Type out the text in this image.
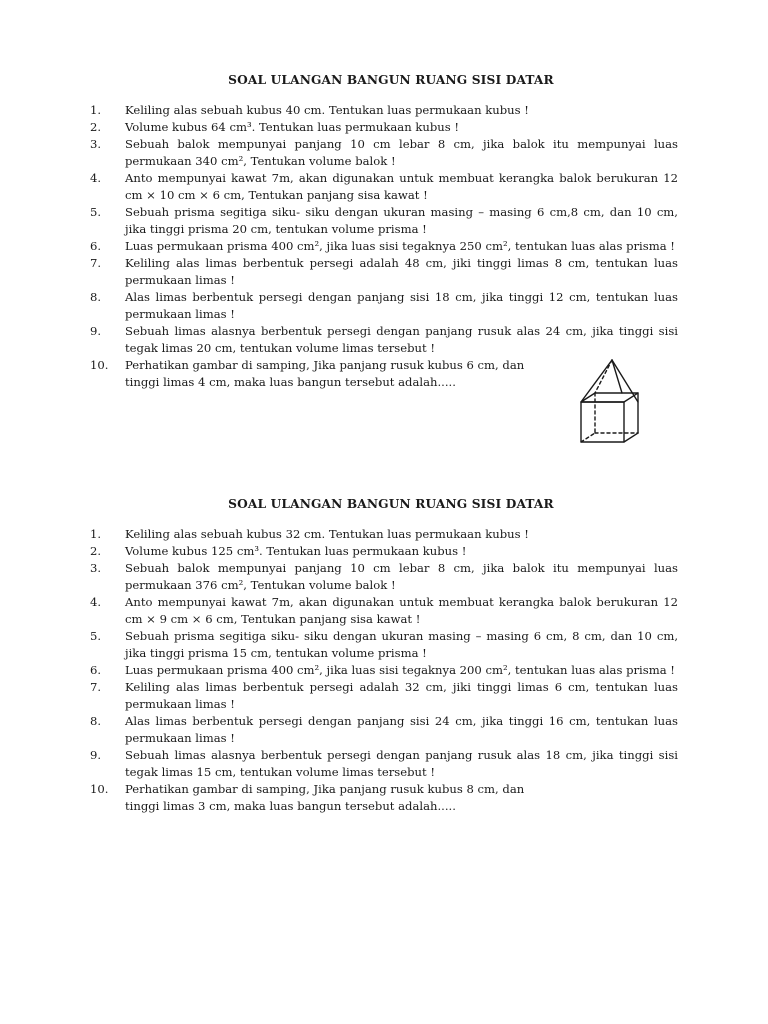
SOAL ULANGAN BANGUN RUANG SISI DATAR
1. Keliling alas sebuah kubus 40 cm. Tentukan luas permukaan kubus !
2. Volume kubus 64 cm³. Tentukan luas permukaan kubus !
3. Sebuah balok mempunyai panjang 10 cm lebar 8 cm, jika balok itu mempunyai luas permukaan 340 cm², Tentukan volume balok !
4. Anto mempunyai kawat 7m, akan digunakan untuk membuat kerangka balok berukuran 12 cm × 10 cm × 6 cm, Tentukan panjang sisa kawat !
5. Sebuah prisma segitiga siku- siku dengan ukuran masing – masing 6 cm,8 cm, dan 10 cm, jika tinggi prisma 20 cm, tentukan volume prisma !
6. Luas permukaan prisma 400 cm², jika luas sisi tegaknya 250 cm², tentukan luas alas prisma !
7. Keliling alas limas berbentuk persegi adalah 48 cm, jiki tinggi limas 8 cm, tentukan luas permukaan limas !
8. Alas limas berbentuk persegi dengan panjang sisi 18 cm, jika tinggi 12 cm, tentukan luas permukaan limas !
9. Sebuah limas alasnya berbentuk persegi dengan panjang rusuk alas 24 cm, jika tinggi sisi tegak limas 20 cm, tentukan volume limas tersebut !
10. Perhatikan gambar di samping, Jika panjang rusuk kubus 6 cm, dan tinggi limas 4 cm, maka luas bangun tersebut adalah.....
SOAL ULANGAN BANGUN RUANG SISI DATAR
1. Keliling alas sebuah kubus 32 cm. Tentukan luas permukaan kubus !
2. Volume kubus 125 cm³. Tentukan luas permukaan kubus !
3. Sebuah balok mempunyai panjang 10 cm lebar 8 cm, jika balok itu mempunyai luas permukaan 376 cm², Tentukan volume balok !
4. Anto mempunyai kawat 7m, akan digunakan untuk membuat kerangka balok berukuran 12 cm × 9 cm × 6 cm, Tentukan panjang sisa kawat !
5. Sebuah prisma segitiga siku- siku dengan ukuran masing – masing 6 cm, 8 cm, dan 10 cm, jika tinggi prisma 15 cm, tentukan volume prisma !
6. Luas permukaan prisma 400 cm², jika luas sisi tegaknya 200 cm², tentukan luas alas prisma !
7. Keliling alas limas berbentuk persegi adalah 32 cm, jiki tinggi limas 6 cm, tentukan luas permukaan limas !
8. Alas limas berbentuk persegi dengan panjang sisi 24 cm, jika tinggi 16 cm, tentukan luas permukaan limas !
9. Sebuah limas alasnya berbentuk persegi dengan panjang rusuk alas 18 cm, jika tinggi sisi tegak limas 15 cm, tentukan volume limas tersebut !
10. Perhatikan gambar di samping, Jika panjang rusuk kubus 8 cm, dan tinggi limas 3 cm, maka luas bangun tersebut adalah.....
